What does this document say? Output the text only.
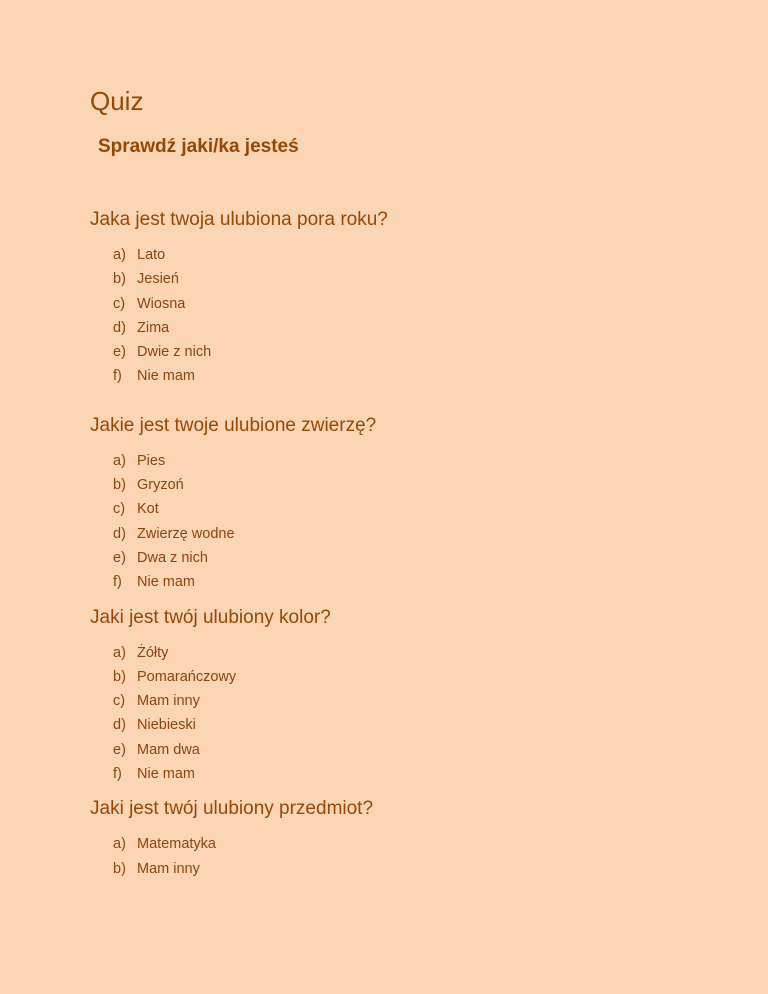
Quiz
Sprawdź jaki/ka jesteś
Jaka jest twoja ulubiona pora roku?
a) Lato
b) Jesień
c) Wiosna
d) Zima
e) Dwie z nich
f)	Nie mam
Jakie jest twoje ulubione zwierzę?
a) Pies
b) Gryzoń
c) Kot
d) Zwierzę wodne
e) Dwa z nich
f)	Nie mam
Jaki jest twój ulubiony kolor?
a) Żółty
b) Pomarańczowy
c) Mam inny
d) Niebieski
e) Mam dwa
f)	Nie mam
Jaki jest twój ulubiony przedmiot?
a) Matematyka
b) Mam inny
